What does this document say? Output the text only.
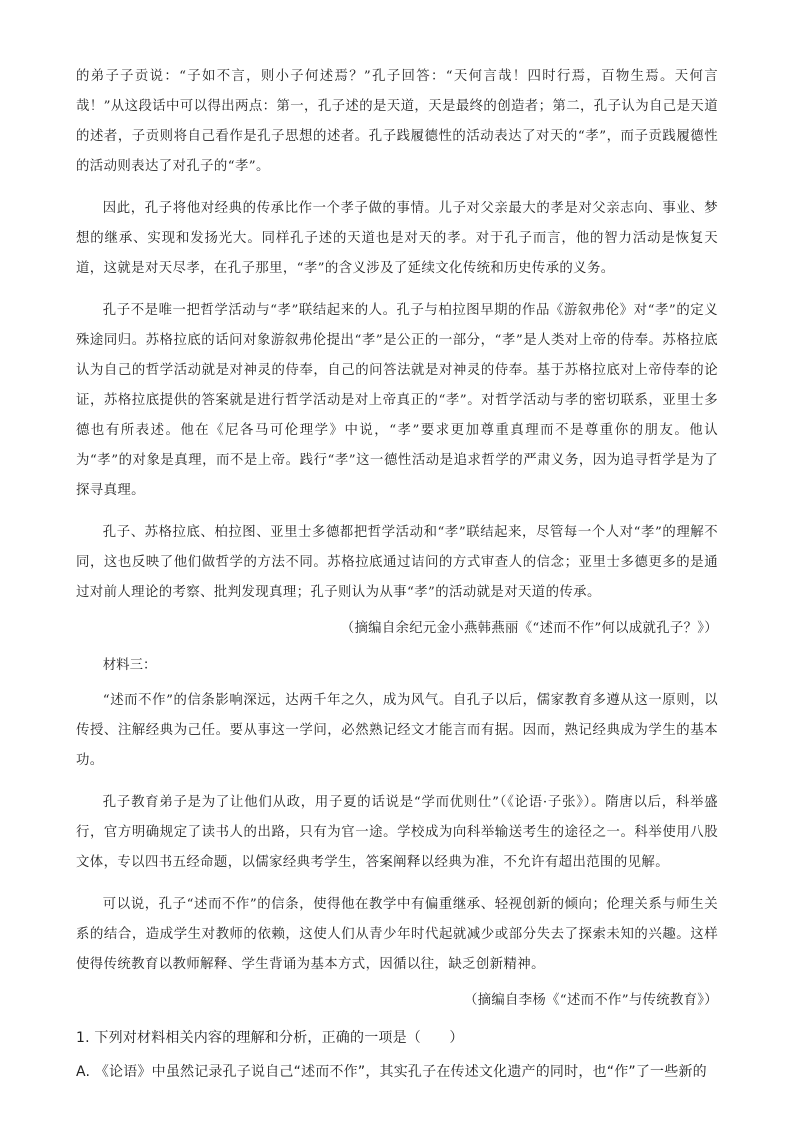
的弟子子贡说：“子如不言，则小子何述焉？”孔子回答：“天何言哉！四时行焉，百物生焉。天何言哉！”从这段话中可以得出两点：第一，孔子述的是天道，天是最终的创造者；第二，孔子认为自己是天道的述者，子贡则将自己看作是孔子思想的述者。孔子践履德性的活动表达了对天的“孝”，而子贡践履德性的活动则表达了对孔子的“孝”。

因此，孔子将他对经典的传承比作一个孝子做的事情。儿子对父亲最大的孝是对父亲志向、事业、梦想的继承、实现和发扬光大。同样孔子述的天道也是对天的孝。对于孔子而言，他的智力活动是恢复天道，这就是对天尽孝，在孔子那里，“孝”的含义涉及了延续文化传统和历史传承的义务。

孔子不是唯一把哲学活动与“孝”联结起来的人。孔子与柏拉图早期的作品《游叙弗伦》对“孝”的定义殊途同归。苏格拉底的话问对象游叙弗伦提出“孝”是公正的一部分，“孝”是人类对上帝的侍奉。苏格拉底认为自己的哲学活动就是对神灵的侍奉，自己的问答法就是对神灵的侍奉。基于苏格拉底对上帝侍奉的论证，苏格拉底提供的答案就是进行哲学活动是对上帝真正的“孝”。对哲学活动与孝的密切联系，亚里士多德也有所表述。他在《尼各马可伦理学》中说，“孝”要求更加尊重真理而不是尊重你的朋友。他认为“孝”的对象是真理，而不是上帝。践行“孝”这一德性活动是追求哲学的严肃义务，因为追寻哲学是为了探寻真理。

孔子、苏格拉底、柏拉图、亚里士多德都把哲学活动和“孝”联结起来，尽管每一个人对“孝”的理解不同，这也反映了他们做哲学的方法不同。苏格拉底通过诘问的方式审查人的信念；亚里士多德更多的是通过对前人理论的考察、批判发现真理；孔子则认为从事“孝”的活动就是对天道的传承。

（摘编自余纪元金小燕韩燕丽《“述而不作”何以成就孔子？》）

材料三：

“述而不作”的信条影响深远，达两千年之久，成为风气。自孔子以后，儒家教育多遵从这一原则，以传授、注解经典为己任。要从事这一学问，必然熟记经文才能言而有据。因而，熟记经典成为学生的基本功。

孔子教育弟子是为了让他们从政，用子夏的话说是“学而优则仕”（《论语·子张》）。隋唐以后，科举盛行，官方明确规定了读书人的出路，只有为官一途。学校成为向科举输送考生的途径之一。科举使用八股文体，专以四书五经命题，以儒家经典考学生，答案阐释以经典为准，不允许有超出范围的见解。

可以说，孔子“述而不作”的信条，使得他在教学中有偏重继承、轻视创新的倾向；伦理关系与师生关系的结合，造成学生对教师的依赖，这使人们从青少年时代起就减少或部分失去了探索未知的兴趣。这样使得传统教育以教师解释、学生背诵为基本方式，因循以往，缺乏创新精神。

（摘编自李杨《“述而不作”与传统教育》）

1. 下列对材料相关内容的理解和分析，正确的一项是（　　）

A. 《论语》中虽然记录孔子说自己“述而不作”，其实孔子在传述文化遗产的同时，也“作”了一些新的
